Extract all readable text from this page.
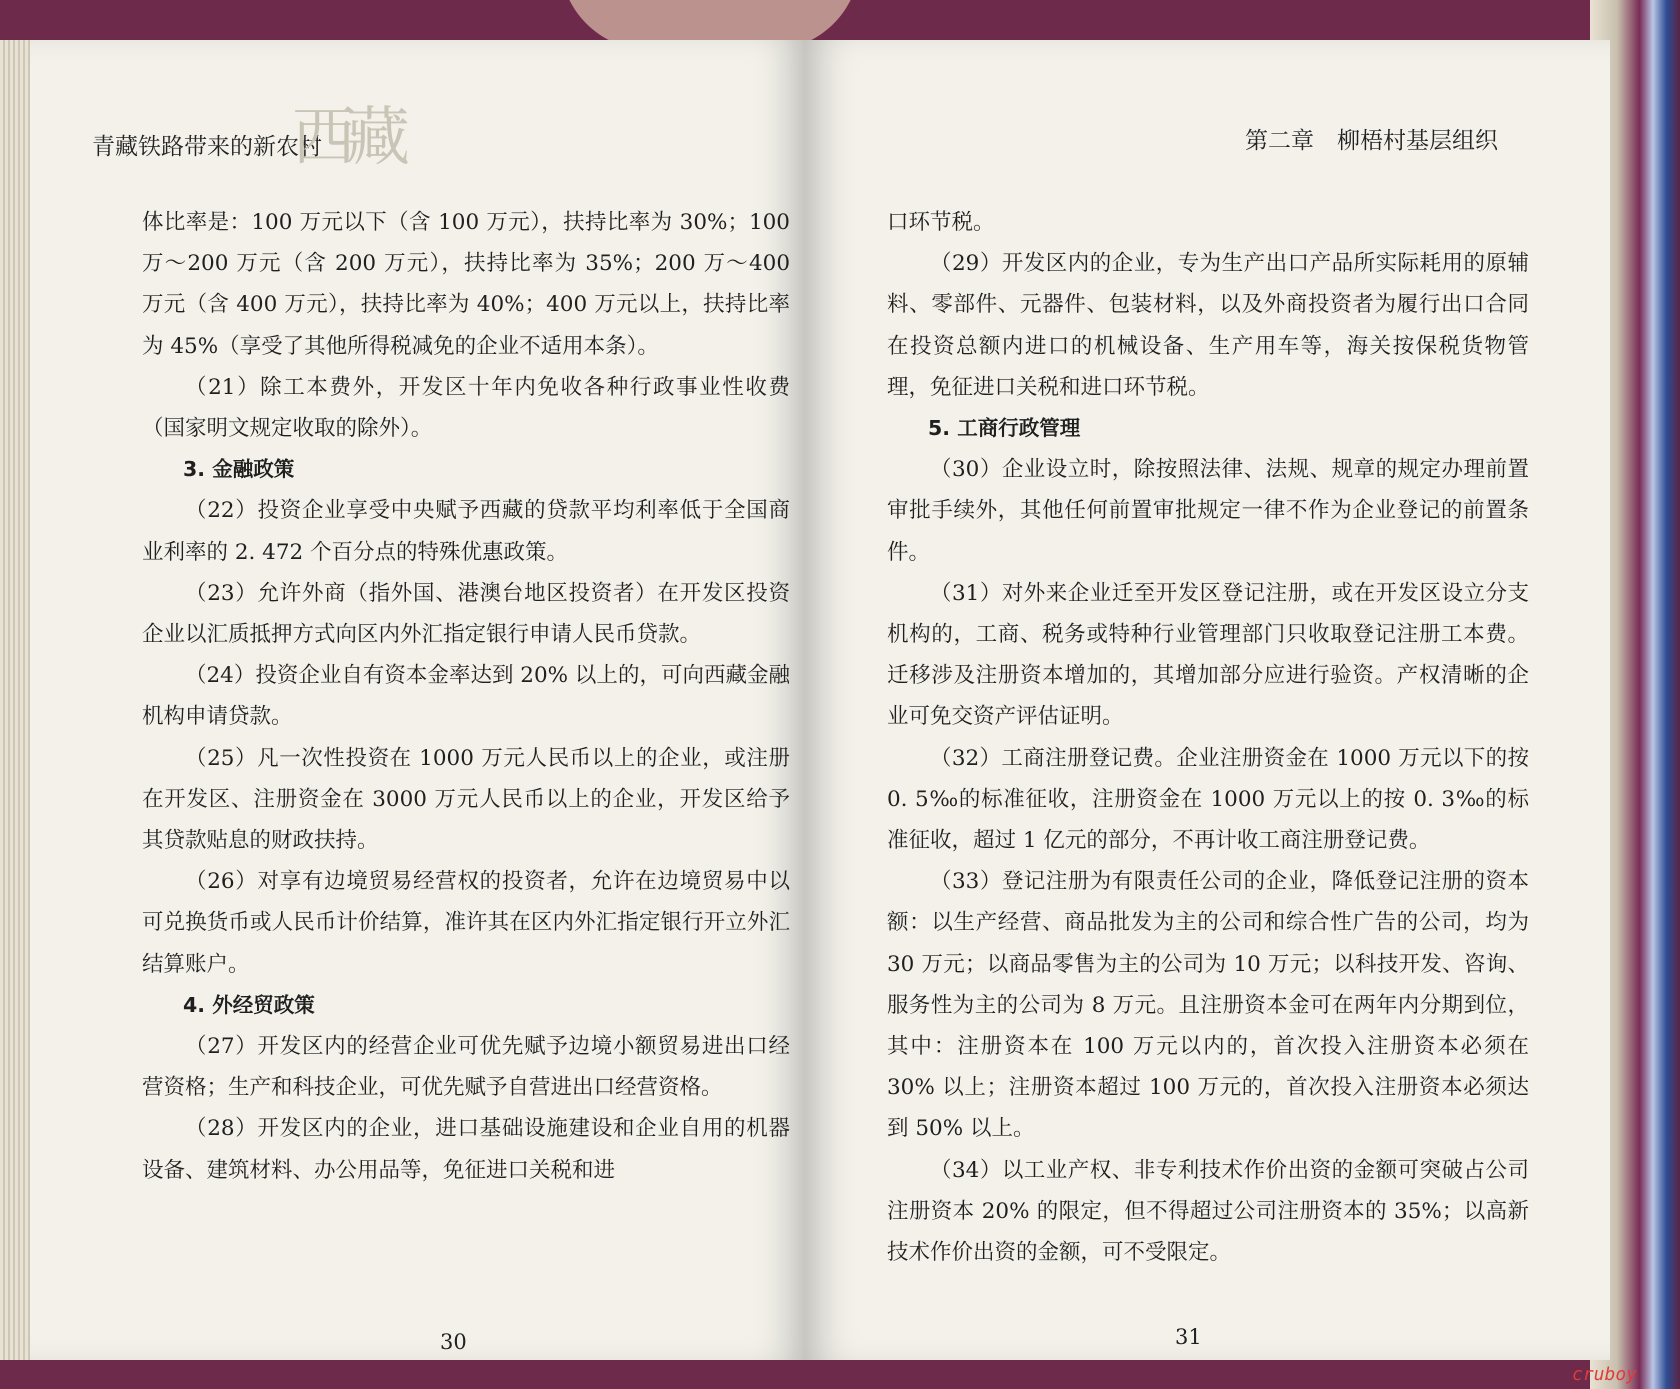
青藏铁路带来的新农村
西藏

体比率是：100 万元以下（含 100 万元），扶持比率为 30%；100 万～200 万元（含 200 万元），扶持比率为 35%；200 万～400 万元（含 400 万元），扶持比率为 40%；400 万元以上，扶持比率为 45%（享受了其他所得税减免的企业不适用本条）。

（21）除工本费外，开发区十年内免收各种行政事业性收费（国家明文规定收取的除外）。

3. 金融政策

（22）投资企业享受中央赋予西藏的贷款平均利率低于全国商业利率的 2. 472 个百分点的特殊优惠政策。

（23）允许外商（指外国、港澳台地区投资者）在开发区投资企业以汇质抵押方式向区内外汇指定银行申请人民币贷款。

（24）投资企业自有资本金率达到 20% 以上的，可向西藏金融机构申请贷款。

（25）凡一次性投资在 1000 万元人民币以上的企业，或注册在开发区、注册资金在 3000 万元人民币以上的企业，开发区给予其贷款贴息的财政扶持。

（26）对享有边境贸易经营权的投资者，允许在边境贸易中以可兑换货币或人民币计价结算，准许其在区内外汇指定银行开立外汇结算账户。

4. 外经贸政策

（27）开发区内的经营企业可优先赋予边境小额贸易进出口经营资格；生产和科技企业，可优先赋予自营进出口经营资格。

（28）开发区内的企业，进口基础设施建设和企业自用的机器设备、建筑材料、办公用品等，免征进口关税和进

30
第二章　柳梧村基层组织

口环节税。

（29）开发区内的企业，专为生产出口产品所实际耗用的原辅料、零部件、元器件、包装材料，以及外商投资者为履行出口合同在投资总额内进口的机械设备、生产用车等，海关按保税货物管理，免征进口关税和进口环节税。

5. 工商行政管理

（30）企业设立时，除按照法律、法规、规章的规定办理前置审批手续外，其他任何前置审批规定一律不作为企业登记的前置条件。

（31）对外来企业迁至开发区登记注册，或在开发区设立分支机构的，工商、税务或特种行业管理部门只收取登记注册工本费。迁移涉及注册资本增加的，其增加部分应进行验资。产权清晰的企业可免交资产评估证明。

（32）工商注册登记费。企业注册资金在 1000 万元以下的按 0. 5‰的标准征收，注册资金在 1000 万元以上的按 0. 3‰的标准征收，超过 1 亿元的部分，不再计收工商注册登记费。

（33）登记注册为有限责任公司的企业，降低登记注册的资本额：以生产经营、商品批发为主的公司和综合性广告的公司，均为 30 万元；以商品零售为主的公司为 10 万元；以科技开发、咨询、服务性为主的公司为 8 万元。且注册资本金可在两年内分期到位，其中：注册资本在 100 万元以内的，首次投入注册资本必须在 30% 以上；注册资本超过 100 万元的，首次投入注册资本必须达到 50% 以上。

（34）以工业产权、非专利技术作价出资的金额可突破占公司注册资本 20% 的限定，但不得超过公司注册资本的 35%；以高新技术作价出资的金额，可不受限定。

31
cruboy
